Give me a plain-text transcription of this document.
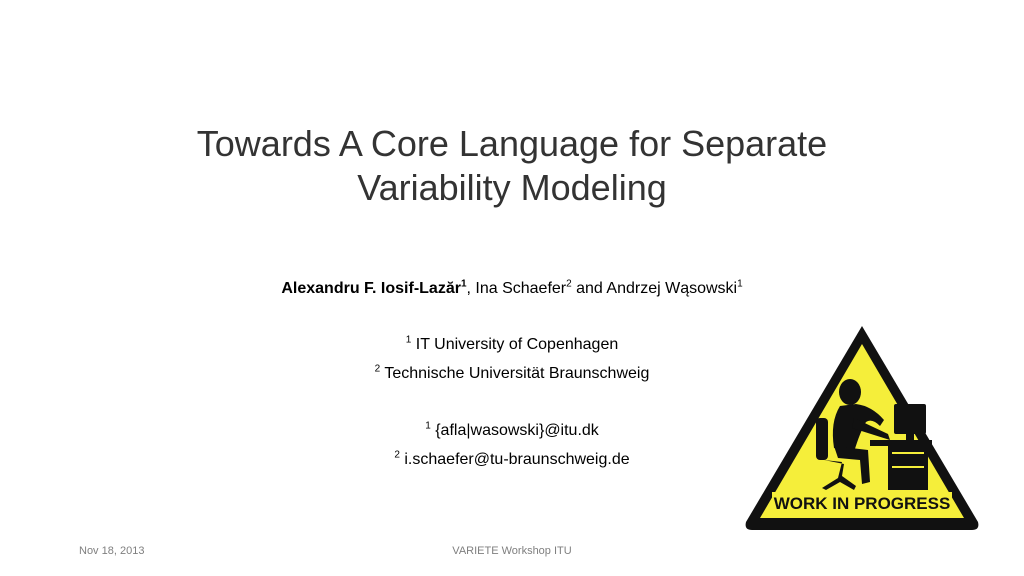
Towards A Core Language for Separate
Variability Modeling
Alexandru F. Iosif-Lazăr$^1$, Ina Schaefer$^2$ and Andrzej Wąsowski$^1$
$^1$ IT University of Copenhagen
$^2$ Technische Universität Braunschweig
$^1$ {afla|wasowski}@itu.dk
$^2$ i.schaefer@tu-braunschweig.de
Nov 18, 2013	VARIETE Workshop ITU
WORK IN PROGRESS
